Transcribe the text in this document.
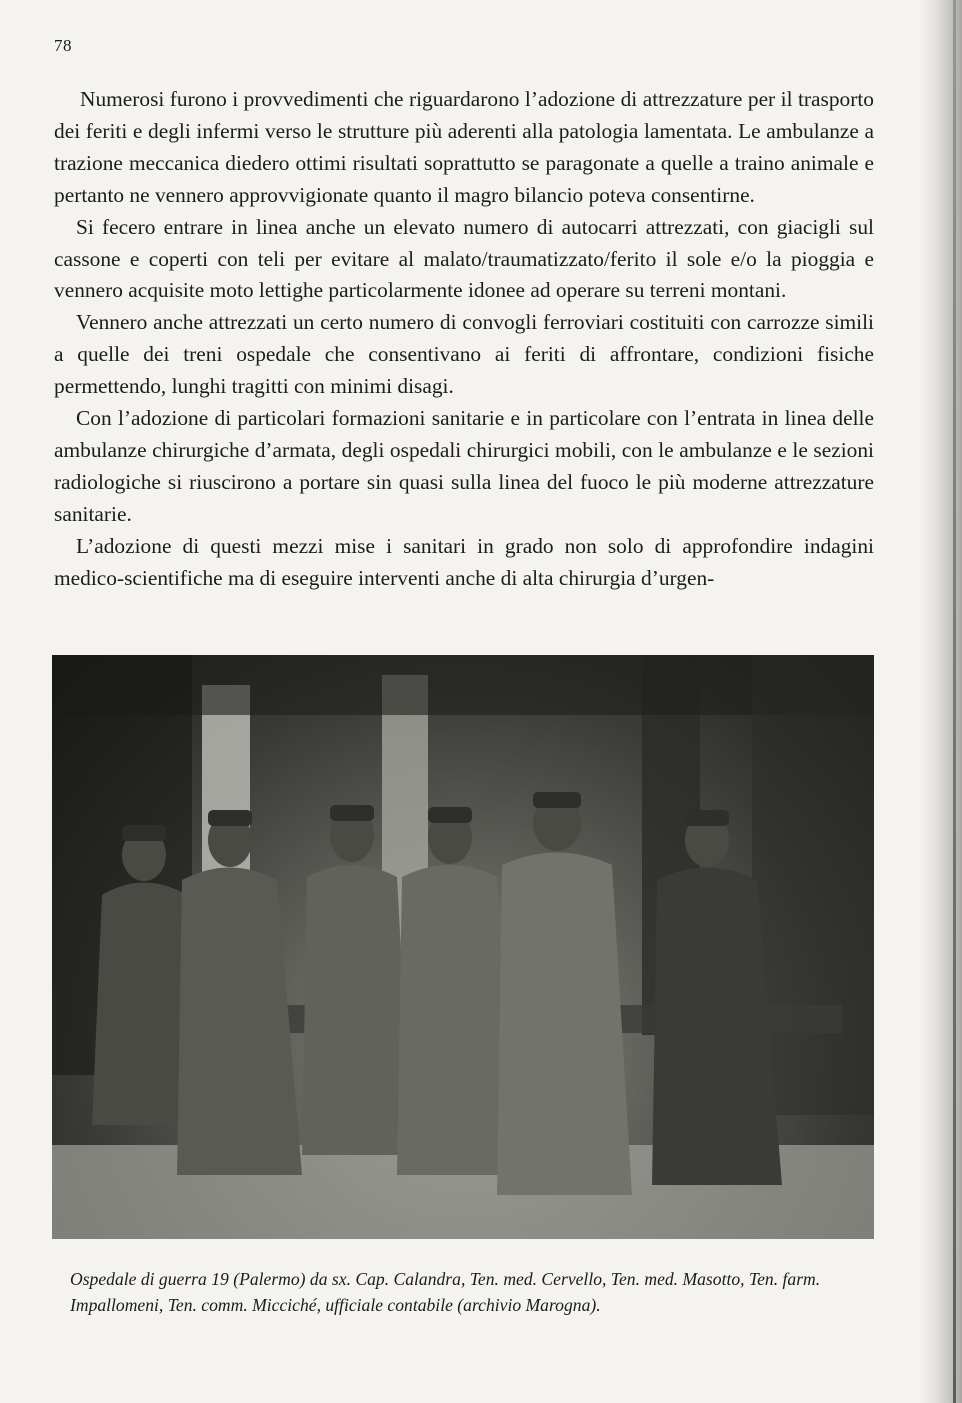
78

Numerosi furono i provvedimenti che riguardarono l’adozione di attrezzature per il trasporto dei feriti e degli infermi verso le strutture più aderenti alla patologia lamentata. Le ambulanze a trazione meccanica diedero ottimi risultati soprattutto se paragonate a quelle a traino animale e pertanto ne vennero approvvigionate quanto il magro bilancio poteva consentirne.

Si fecero entrare in linea anche un elevato numero di autocarri attrezzati, con giacigli sul cassone e coperti con teli per evitare al malato/traumatizzato/ferito il sole e/o la pioggia e vennero acquisite moto lettighe particolarmente idonee ad operare su terreni montani.

Vennero anche attrezzati un certo numero di convogli ferroviari costituiti con carrozze simili a quelle dei treni ospedale che consentivano ai feriti di affrontare, condizioni fisiche permettendo, lunghi tragitti con minimi disagi.

Con l’adozione di particolari formazioni sanitarie e in particolare con l’entrata in linea delle ambulanze chirurgiche d’armata, degli ospedali chirurgici mobili, con le ambulanze e le sezioni radiologiche si riuscirono a portare sin quasi sulla linea del fuoco le più moderne attrezzature sanitarie.

L’adozione di questi mezzi mise i sanitari in grado non solo di approfondire indagini medico-scientifiche ma di eseguire interventi anche di alta chirurgia d’urgen-

Ospedale di guerra 19 (Palermo) da sx. Cap. Calandra, Ten. med. Cervello, Ten. med. Masotto, Ten. farm. Impallomeni, Ten. comm. Micciché, ufficiale contabile (archivio Marogna).
